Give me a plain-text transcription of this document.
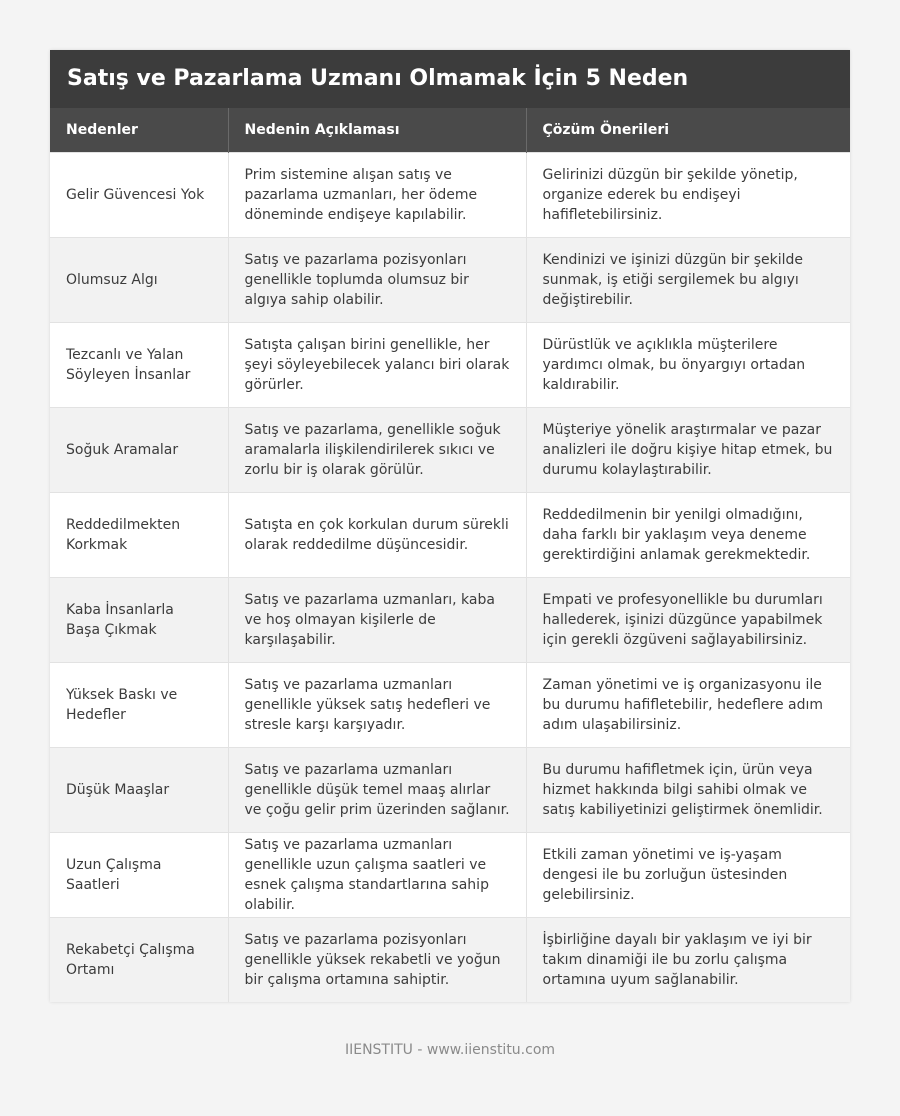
Satış ve Pazarlama Uzmanı Olmamak İçin 5 Neden
Nedenler	Nedenin Açıklaması	Çözüm Önerileri
Gelir Güvencesi Yok	Prim sistemine alışan satış ve pazarlama uzmanları, her ödeme döneminde endişeye kapılabilir.	Gelirinizi düzgün bir şekilde yönetip, organize ederek bu endişeyi hafifletebilirsiniz.
Olumsuz Algı	Satış ve pazarlama pozisyonları genellikle toplumda olumsuz bir algıya sahip olabilir.	Kendinizi ve işinizi düzgün bir şekilde sunmak, iş etiği sergilemek bu algıyı değiştirebilir.
Tezcanlı ve Yalan Söyleyen İnsanlar	Satışta çalışan birini genellikle, her şeyi söyleyebilecek yalancı biri olarak görürler.	Dürüstlük ve açıklıkla müşterilere yardımcı olmak, bu önyargıyı ortadan kaldırabilir.
Soğuk Aramalar	Satış ve pazarlama, genellikle soğuk aramalarla ilişkilendirilerek sıkıcı ve zorlu bir iş olarak görülür.	Müşteriye yönelik araştırmalar ve pazar analizleri ile doğru kişiye hitap etmek, bu durumu kolaylaştırabilir.
Reddedilmekten Korkmak	Satışta en çok korkulan durum sürekli olarak reddedilme düşüncesidir.	Reddedilmenin bir yenilgi olmadığını, daha farklı bir yaklaşım veya deneme gerektirdiğini anlamak gerekmektedir.
Kaba İnsanlarla Başa Çıkmak	Satış ve pazarlama uzmanları, kaba ve hoş olmayan kişilerle de karşılaşabilir.	Empati ve profesyonellikle bu durumları hallederek, işinizi düzgünce yapabilmek için gerekli özgüveni sağlayabilirsiniz.
Yüksek Baskı ve Hedefler	Satış ve pazarlama uzmanları genellikle yüksek satış hedefleri ve stresle karşı karşıyadır.	Zaman yönetimi ve iş organizasyonu ile bu durumu hafifletebilir, hedeflere adım adım ulaşabilirsiniz.
Düşük Maaşlar	Satış ve pazarlama uzmanları genellikle düşük temel maaş alırlar ve çoğu gelir prim üzerinden sağlanır.	Bu durumu hafifletmek için, ürün veya hizmet hakkında bilgi sahibi olmak ve satış kabiliyetinizi geliştirmek önemlidir.
Uzun Çalışma Saatleri	Satış ve pazarlama uzmanları genellikle uzun çalışma saatleri ve esnek çalışma standartlarına sahip olabilir.	Etkili zaman yönetimi ve iş-yaşam dengesi ile bu zorluğun üstesinden gelebilirsiniz.
Rekabetçi Çalışma Ortamı	Satış ve pazarlama pozisyonları genellikle yüksek rekabetli ve yoğun bir çalışma ortamına sahiptir.	İşbirliğine dayalı bir yaklaşım ve iyi bir takım dinamiği ile bu zorlu çalışma ortamına uyum sağlanabilir.
IIENSTITU - www.iienstitu.com
